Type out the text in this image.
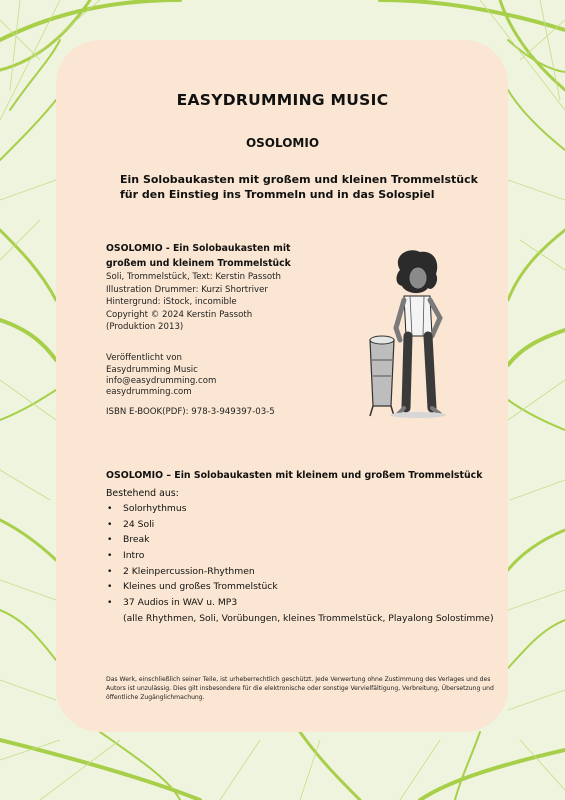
EASYDRUMMING MUSIC
OSOLOMIO
Ein Solobaukasten mit großem und kleinen Trommelstück
für den Einstieg ins Trommeln und in das Solospiel
OSOLOMIO - Ein Solobaukasten mit
großem und kleinem Trommelstück
Soli, Trommelstück, Text: Kerstin Passoth
Illustration Drummer: Kurzi Shortriver
Hintergrund: iStock, incomible
Copyright © 2024 Kerstin Passoth
(Produktion 2013)
Veröffentlicht von
Easydrumming Music
info@easydrumming.com
easydrumming.com
ISBN E-BOOK(PDF): 978-3-949397-03-5
OSOLOMIO – Ein Solobaukasten mit kleinem und großem Trommelstück
Bestehend aus:
• Solorhythmus
• 24 Soli
• Break
• Intro
• 2 Kleinpercussion-Rhythmen
• Kleines und großes Trommelstück
• 37 Audios in WAV u. MP3
(alle Rhythmen, Soli, Vorübungen, kleines Trommelstück, Playalong Solostimme)
Das Werk, einschließlich seiner Teile, ist urheberrechtlich geschützt. Jede Verwertung ohne Zustimmung des Verlages und des Autors ist unzulässig. Dies gilt insbesondere für die elektronische oder sonstige Vervielfältigung, Verbreitung, Übersetzung und öffentliche Zugänglichmachung.
